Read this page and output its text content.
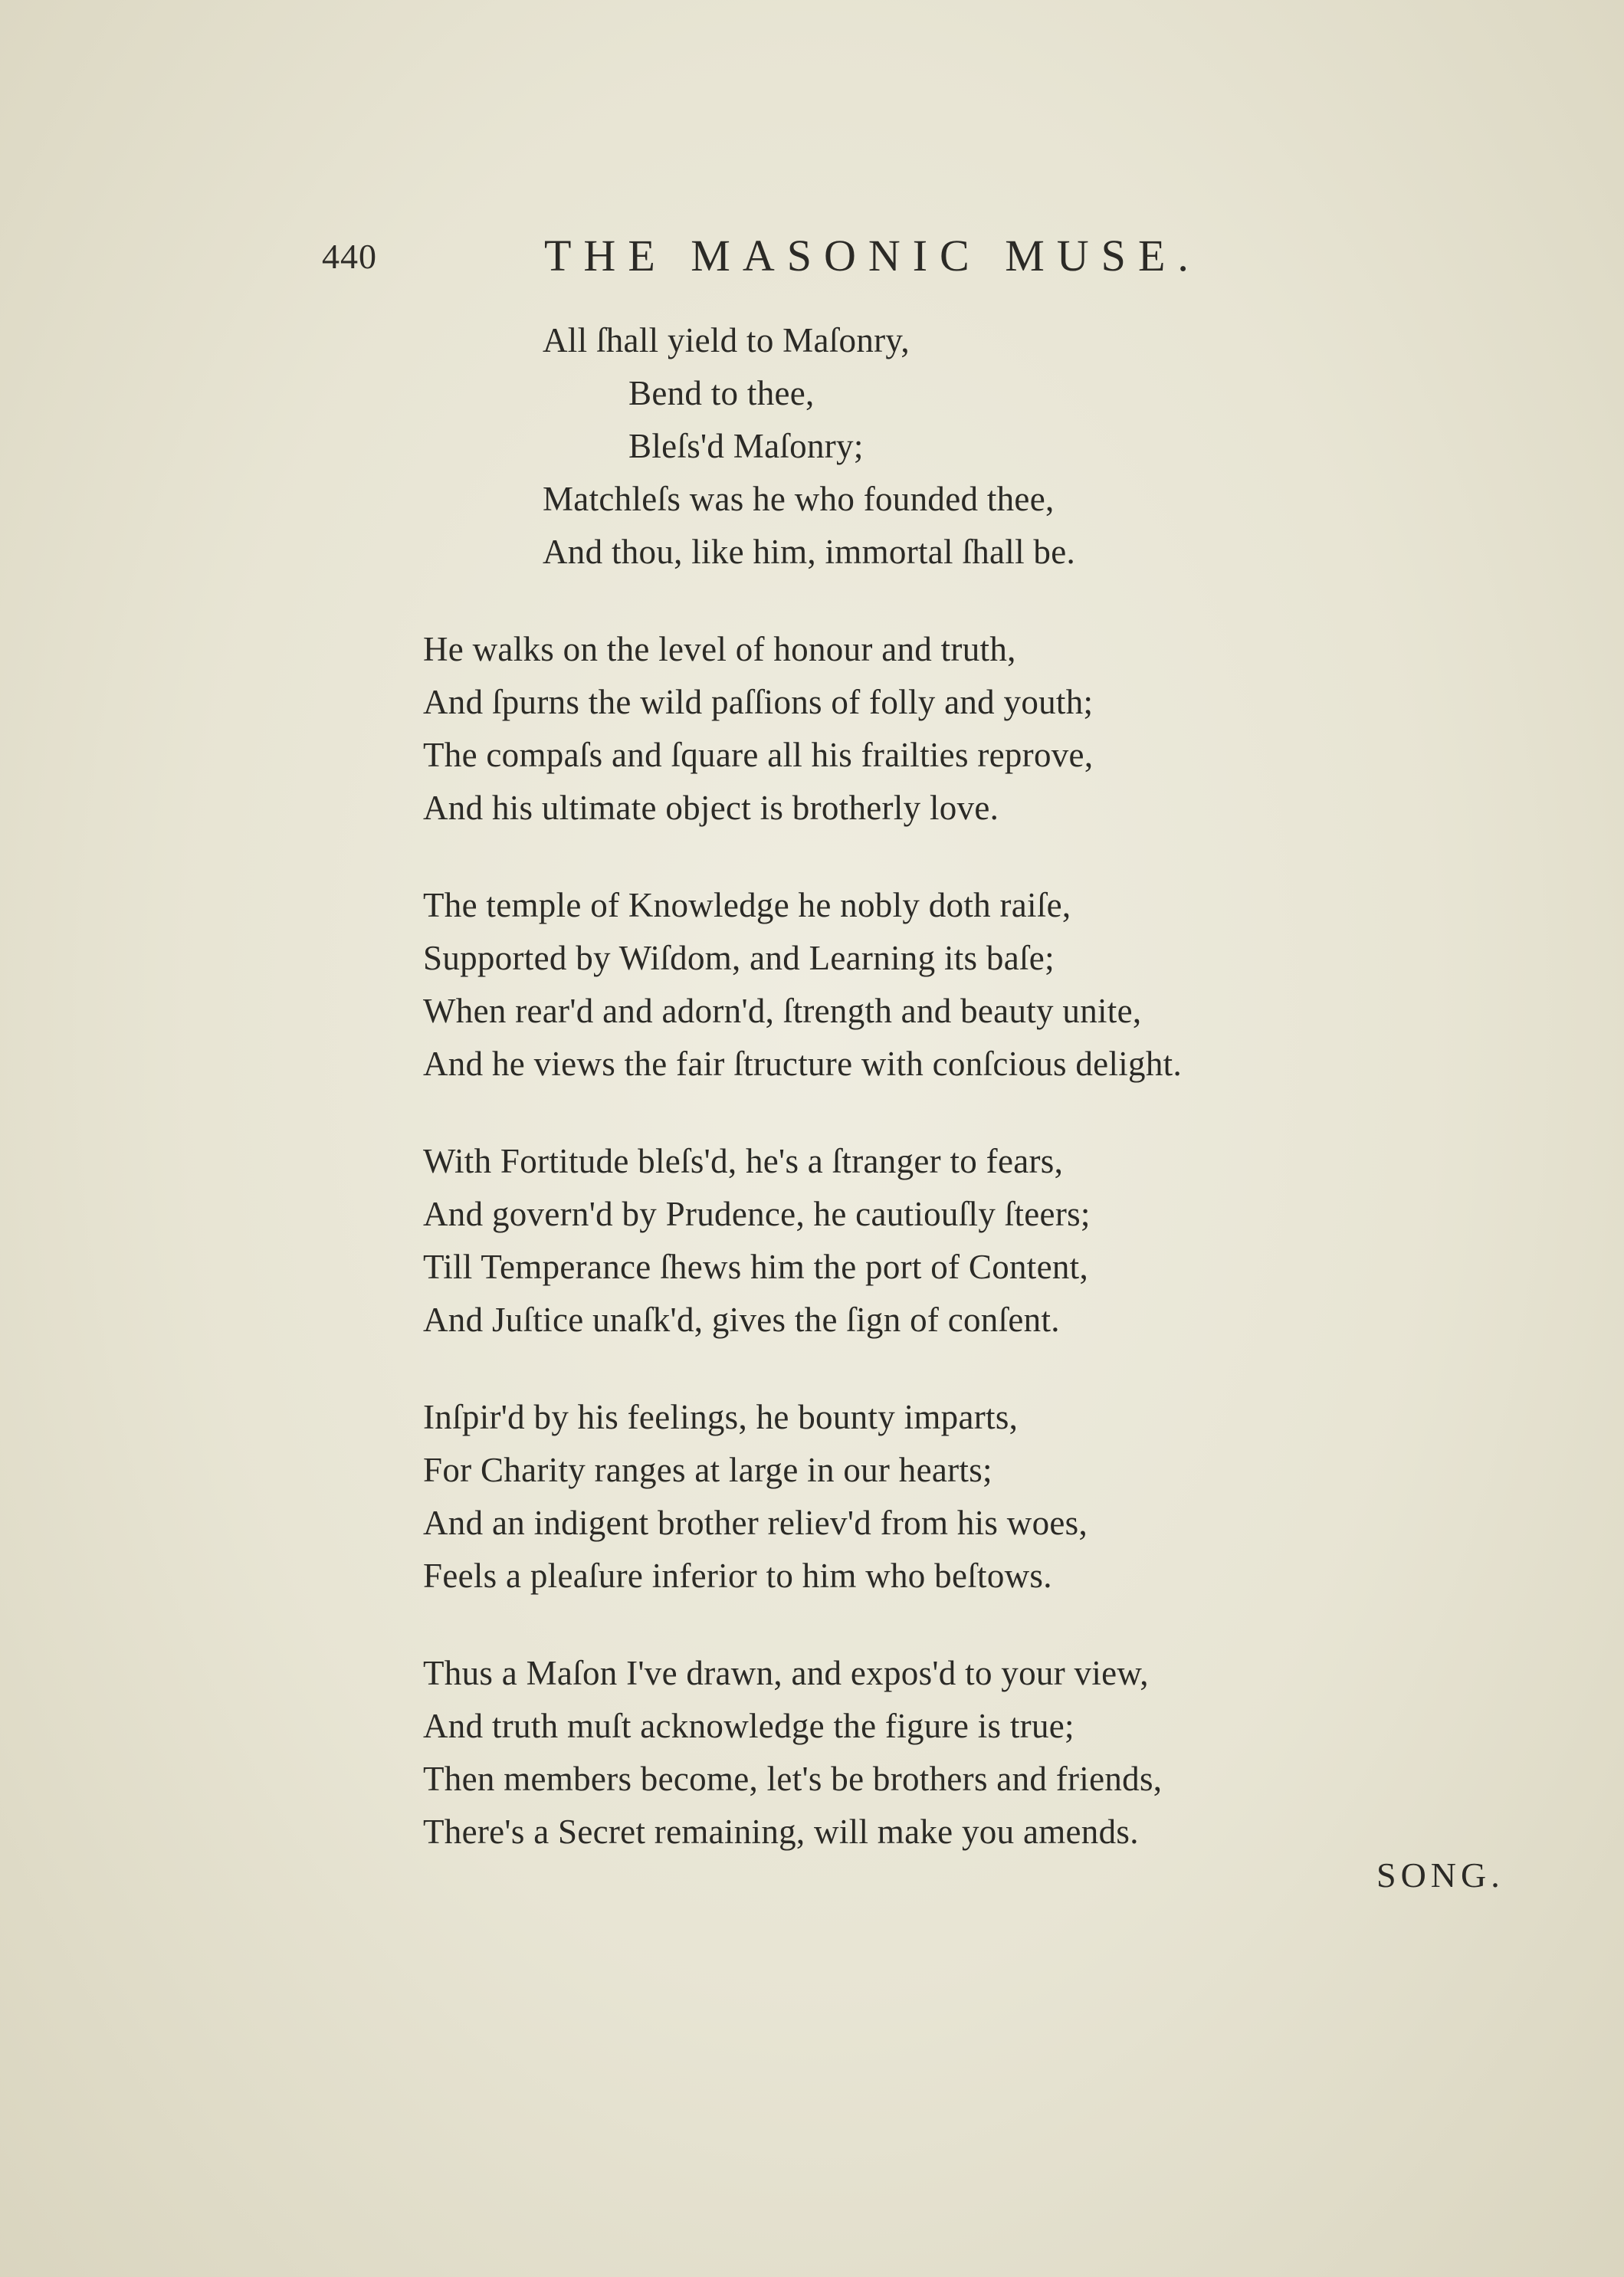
440	THE MASONIC MUSE.
All ſhall yield to Maſonry,
Bend to thee,
Bleſs'd Maſonry;
Matchleſs was he who founded thee,
And thou, like him, immortal ſhall be.
He walks on the level of honour and truth,
And ſpurns the wild paſſions of folly and youth;
The compaſs and ſquare all his frailties reprove,
And his ultimate object is brotherly love.
The temple of Knowledge he nobly doth raiſe,
Supported by Wiſdom, and Learning its baſe;
When rear'd and adorn'd, ſtrength and beauty unite,
And he views the fair ſtructure with conſcious delight.
With Fortitude bleſs'd, he's a ſtranger to fears,
And govern'd by Prudence, he cautiouſly ſteers;
Till Temperance ſhews him the port of Content,
And Juſtice unaſk'd, gives the ſign of conſent.
Inſpir'd by his feelings, he bounty imparts,
For Charity ranges at large in our hearts;
And an indigent brother reliev'd from his woes,
Feels a pleaſure inferior to him who beſtows.
Thus a Maſon I've drawn, and expos'd to your view,
And truth muſt acknowledge the figure is true;
Then members become, let's be brothers and friends,
There's a Secret remaining, will make you amends.
SONG.
